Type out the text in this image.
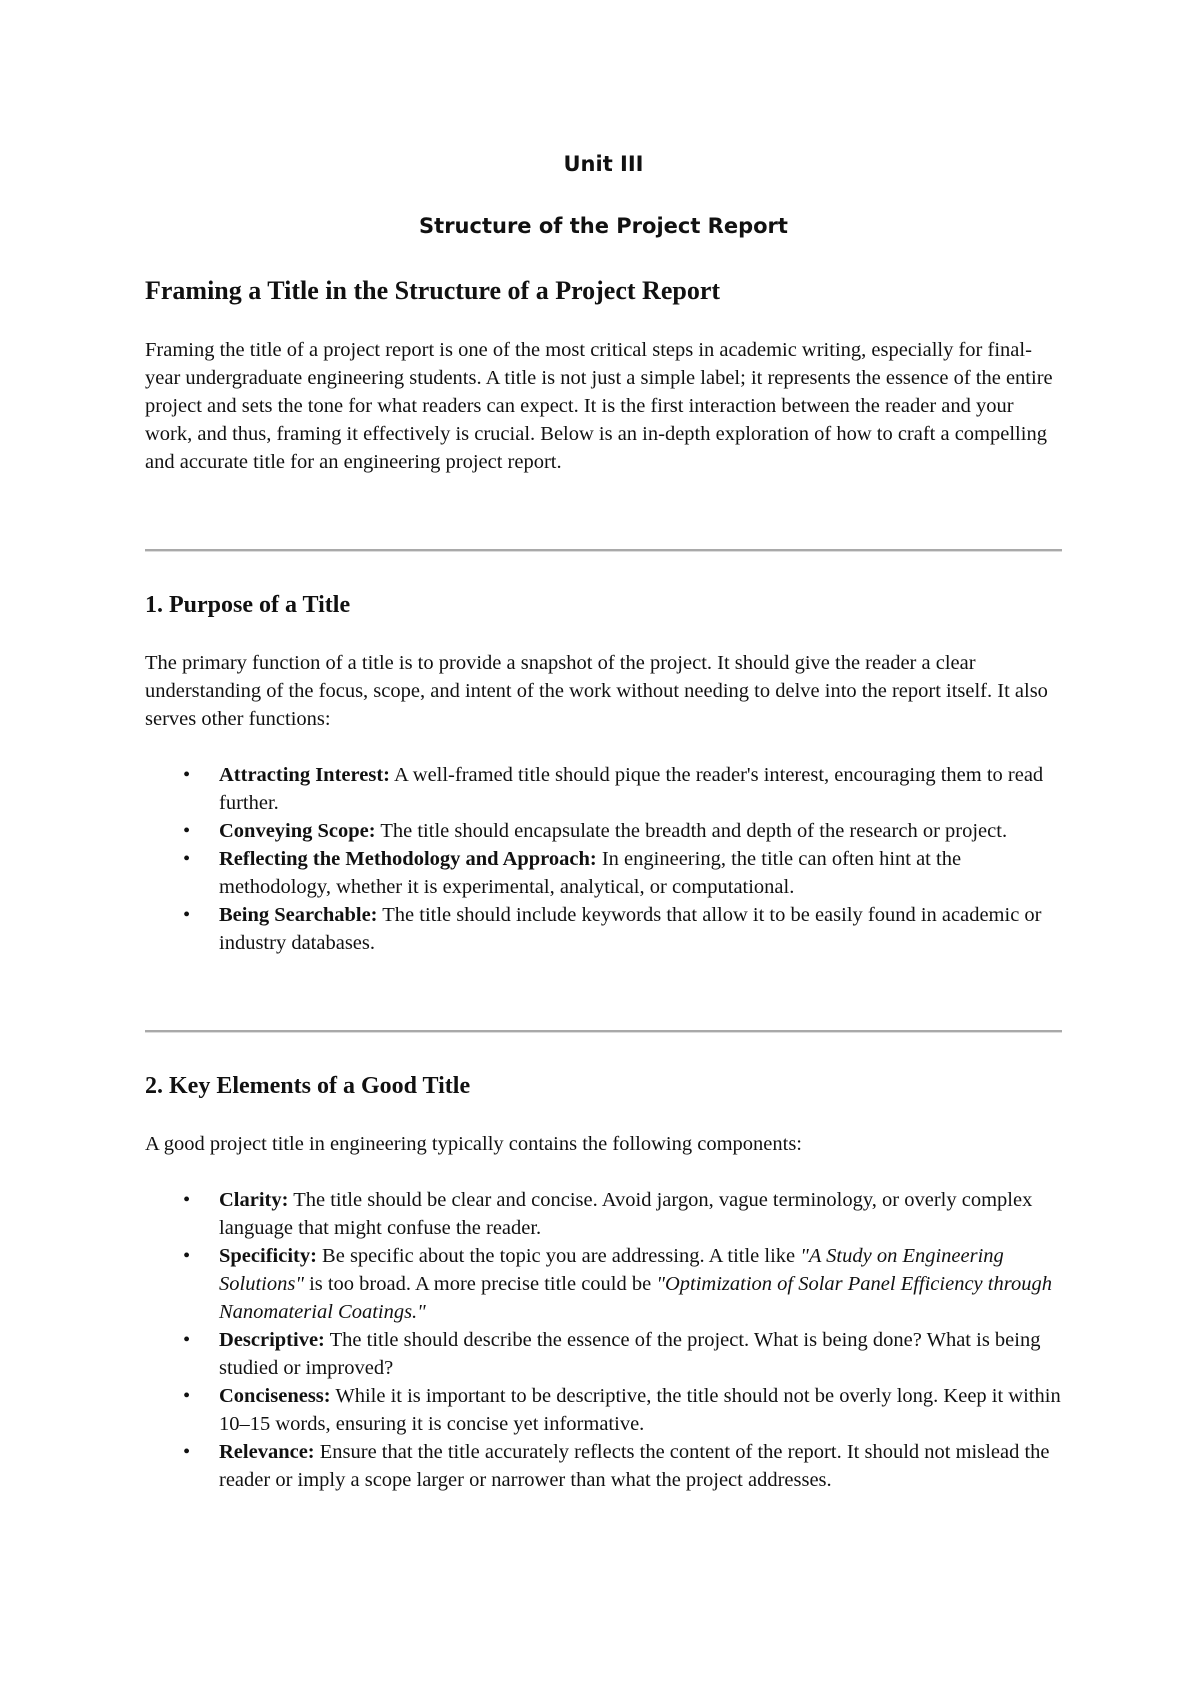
Unit III

Structure of the Project Report

Framing a Title in the Structure of a Project Report

Framing the title of a project report is one of the most critical steps in academic writing, especially for final-year undergraduate engineering students. A title is not just a simple label; it represents the essence of the entire project and sets the tone for what readers can expect. It is the first interaction between the reader and your work, and thus, framing it effectively is crucial. Below is an in-depth exploration of how to craft a compelling and accurate title for an engineering project report.

1. Purpose of a Title

The primary function of a title is to provide a snapshot of the project. It should give the reader a clear understanding of the focus, scope, and intent of the work without needing to delve into the report itself. It also serves other functions:

• Attracting Interest: A well-framed title should pique the reader's interest, encouraging them to read further.
• Conveying Scope: The title should encapsulate the breadth and depth of the research or project.
• Reflecting the Methodology and Approach: In engineering, the title can often hint at the methodology, whether it is experimental, analytical, or computational.
• Being Searchable: The title should include keywords that allow it to be easily found in academic or industry databases.
2. Key Elements of a Good Title

A good project title in engineering typically contains the following components:

• Clarity: The title should be clear and concise. Avoid jargon, vague terminology, or overly complex language that might confuse the reader.
• Specificity: Be specific about the topic you are addressing. A title like "A Study on Engineering Solutions" is too broad. A more precise title could be "Optimization of Solar Panel Efficiency through Nanomaterial Coatings."
• Descriptive: The title should describe the essence of the project. What is being done? What is being studied or improved?
• Conciseness: While it is important to be descriptive, the title should not be overly long. Keep it within 10–15 words, ensuring it is concise yet informative.
• Relevance: Ensure that the title accurately reflects the content of the report. It should not mislead the reader or imply a scope larger or narrower than what the project addresses.
